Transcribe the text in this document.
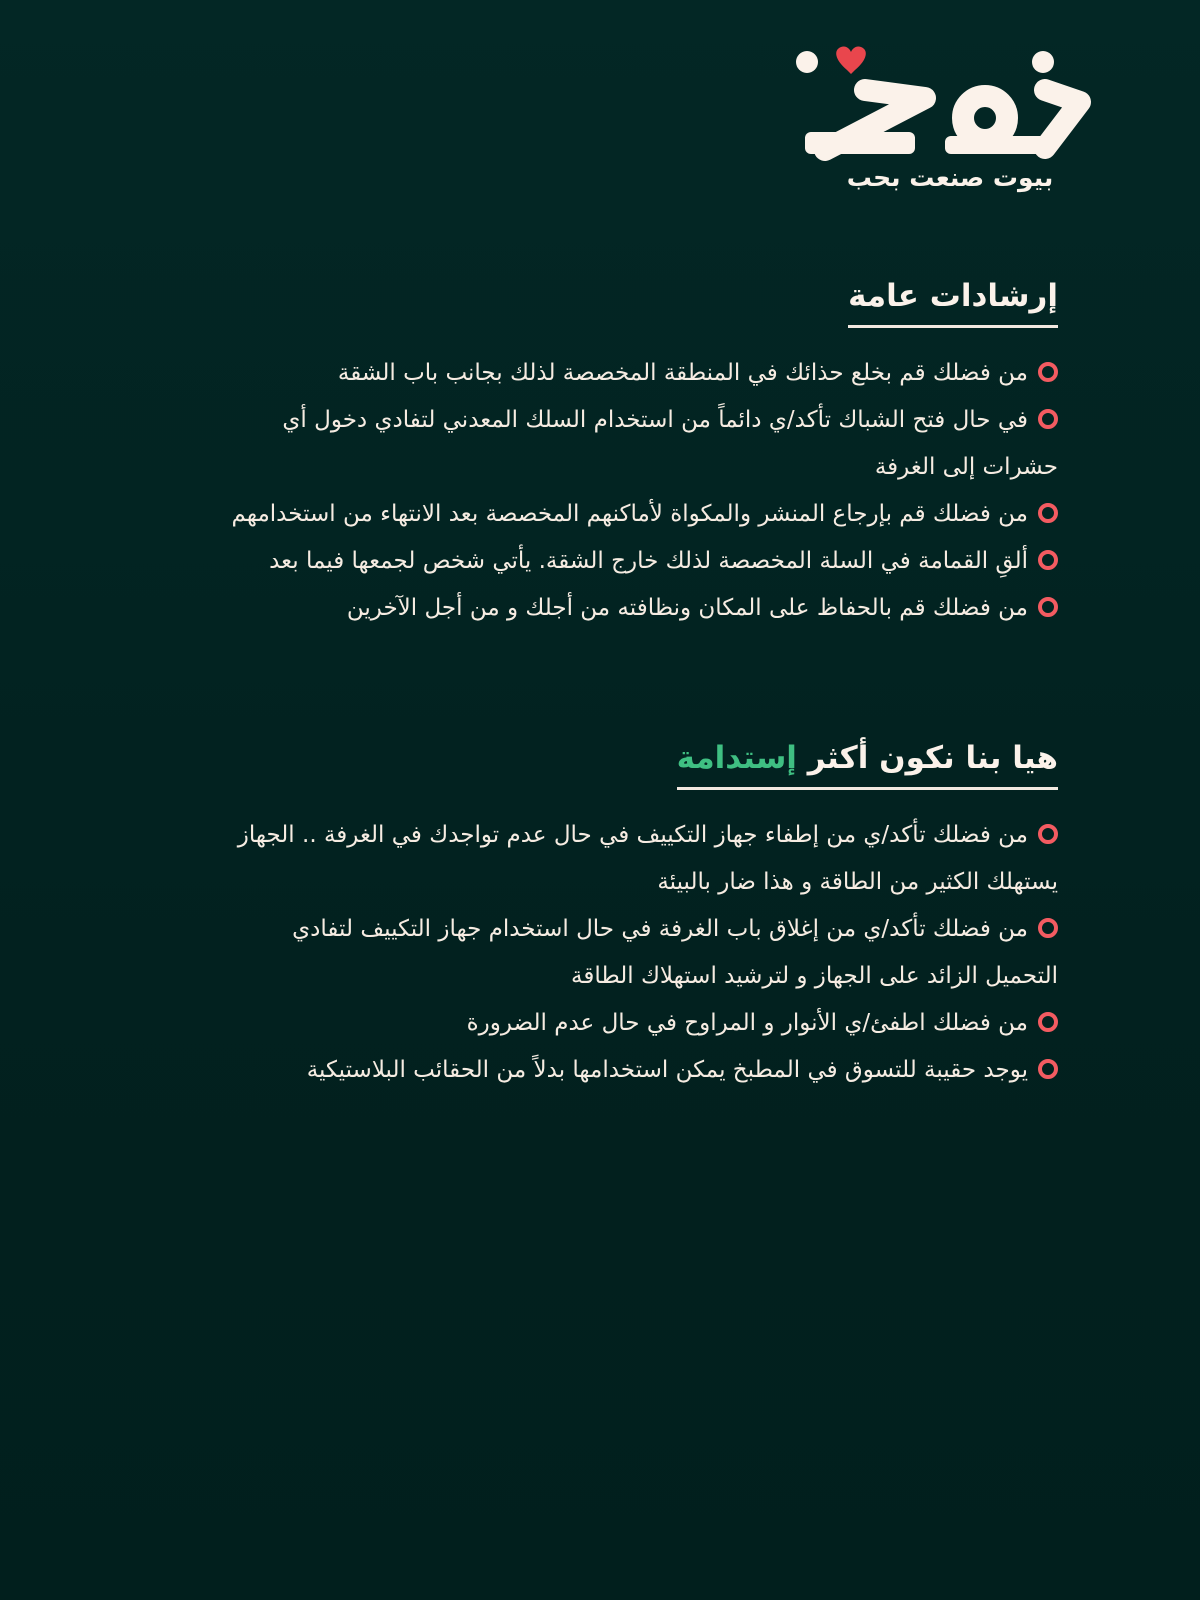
بيوت صنعت بحب
إرشادات عامة
من فضلك قم بخلع حذائك في المنطقة المخصصة لذلك بجانب باب الشقة
في حال فتح الشباك تأكد/ي دائماً من استخدام السلك المعدني لتفادي دخول أي حشرات إلى الغرفة
من فضلك قم بإرجاع المنشر والمكواة لأماكنهم المخصصة بعد الانتهاء من استخدامهم
ألقِ القمامة في السلة المخصصة لذلك خارج الشقة. يأتي شخص لجمعها فيما بعد
من فضلك قم بالحفاظ على المكان ونظافته من أجلك و من أجل الآخرين
هيا بنا نكون أكثر إستدامة
من فضلك تأكد/ي من إطفاء جهاز التكييف في حال عدم تواجدك في الغرفة .. الجهاز يستهلك الكثير من الطاقة و هذا ضار بالبيئة
من فضلك تأكد/ي من إغلاق باب الغرفة في حال استخدام جهاز التكييف لتفادي التحميل الزائد على الجهاز و لترشيد استهلاك الطاقة
من فضلك اطفئ/ي الأنوار و المراوح في حال عدم الضرورة
يوجد حقيبة للتسوق في المطبخ يمكن استخدامها بدلاً من الحقائب البلاستيكية
